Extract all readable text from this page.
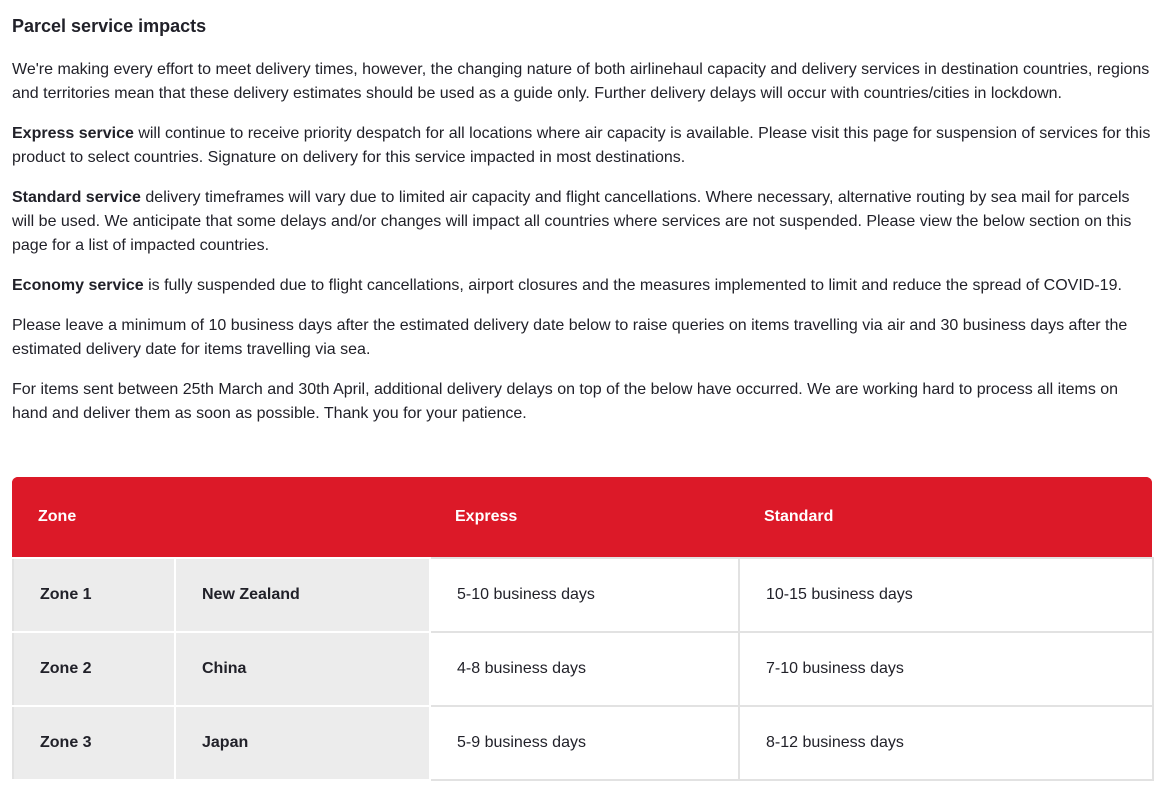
Parcel service impacts

We're making every effort to meet delivery times, however, the changing nature of both airlinehaul capacity and delivery services in destination countries, regions and territories mean that these delivery estimates should be used as a guide only. Further delivery delays will occur with countries/cities in lockdown.

Express service will continue to receive priority despatch for all locations where air capacity is available. Please visit this page for suspension of services for this product to select countries. Signature on delivery for this service impacted in most destinations.

Standard service delivery timeframes will vary due to limited air capacity and flight cancellations. Where necessary, alternative routing by sea mail for parcels will be used. We anticipate that some delays and/or changes will impact all countries where services are not suspended. Please view the below section on this page for a list of impacted countries.

Economy service is fully suspended due to flight cancellations, airport closures and the measures implemented to limit and reduce the spread of COVID-19.

Please leave a minimum of 10 business days after the estimated delivery date below to raise queries on items travelling via air and 30 business days after the estimated delivery date for items travelling via sea.

For items sent between 25th March and 30th April, additional delivery delays on top of the below have occurred. We are working hard to process all items on hand and deliver them as soon as possible. Thank you for your patience.

Zone	Express	Standard
Zone 1	New Zealand	5-10 business days	10-15 business days
Zone 2	China	4-8 business days	7-10 business days
Zone 3	Japan	5-9 business days	8-12 business days
